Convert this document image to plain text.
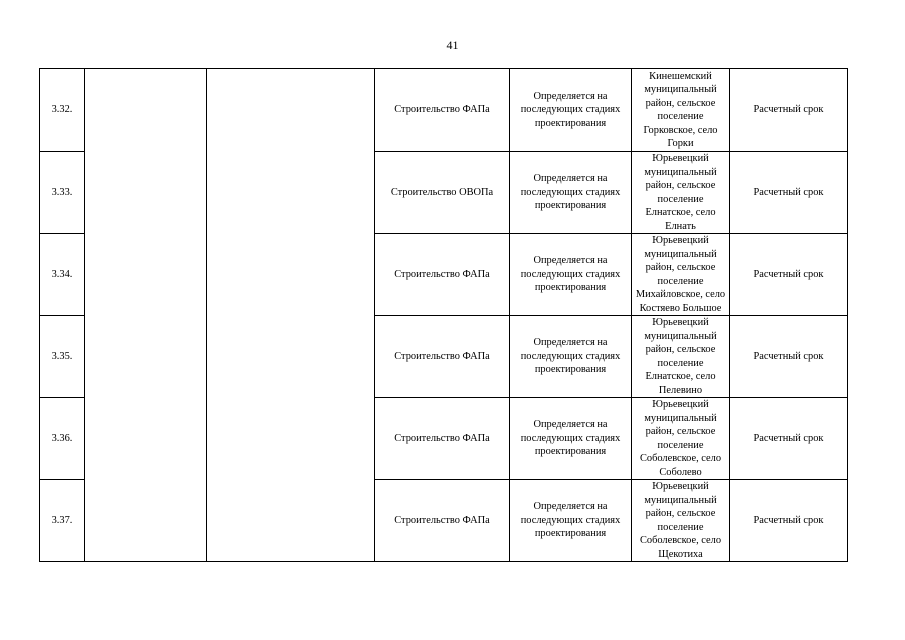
41
3.32.			Строительство ФАПа	Определяется на последующих стадиях проектирования	Кинешемский муниципальный район, сельское поселение Горковское, село Горки	Расчетный срок	
3.33.			Строительство ОВОПа	Определяется на последующих стадиях проектирования	Юрьевецкий муниципальный район, сельское поселение Елнатское, село Елнать	Расчетный срок	
3.34.			Строительство ФАПа	Определяется на последующих стадиях проектирования	Юрьевецкий муниципальный район, сельское поселение Михайловское, село Костяево Большое	Расчетный срок	
3.35.			Строительство ФАПа	Определяется на последующих стадиях проектирования	Юрьевецкий муниципальный район, сельское поселение Елнатское, село Пелевино	Расчетный срок	
3.36.			Строительство ФАПа	Определяется на последующих стадиях проектирования	Юрьевецкий муниципальный район, сельское поселение Соболевское, село Соболево	Расчетный срок	
3.37.			Строительство ФАПа	Определяется на последующих стадиях проектирования	Юрьевецкий муниципальный район, сельское поселение Соболевское, село Щекотиха	Расчетный срок	
